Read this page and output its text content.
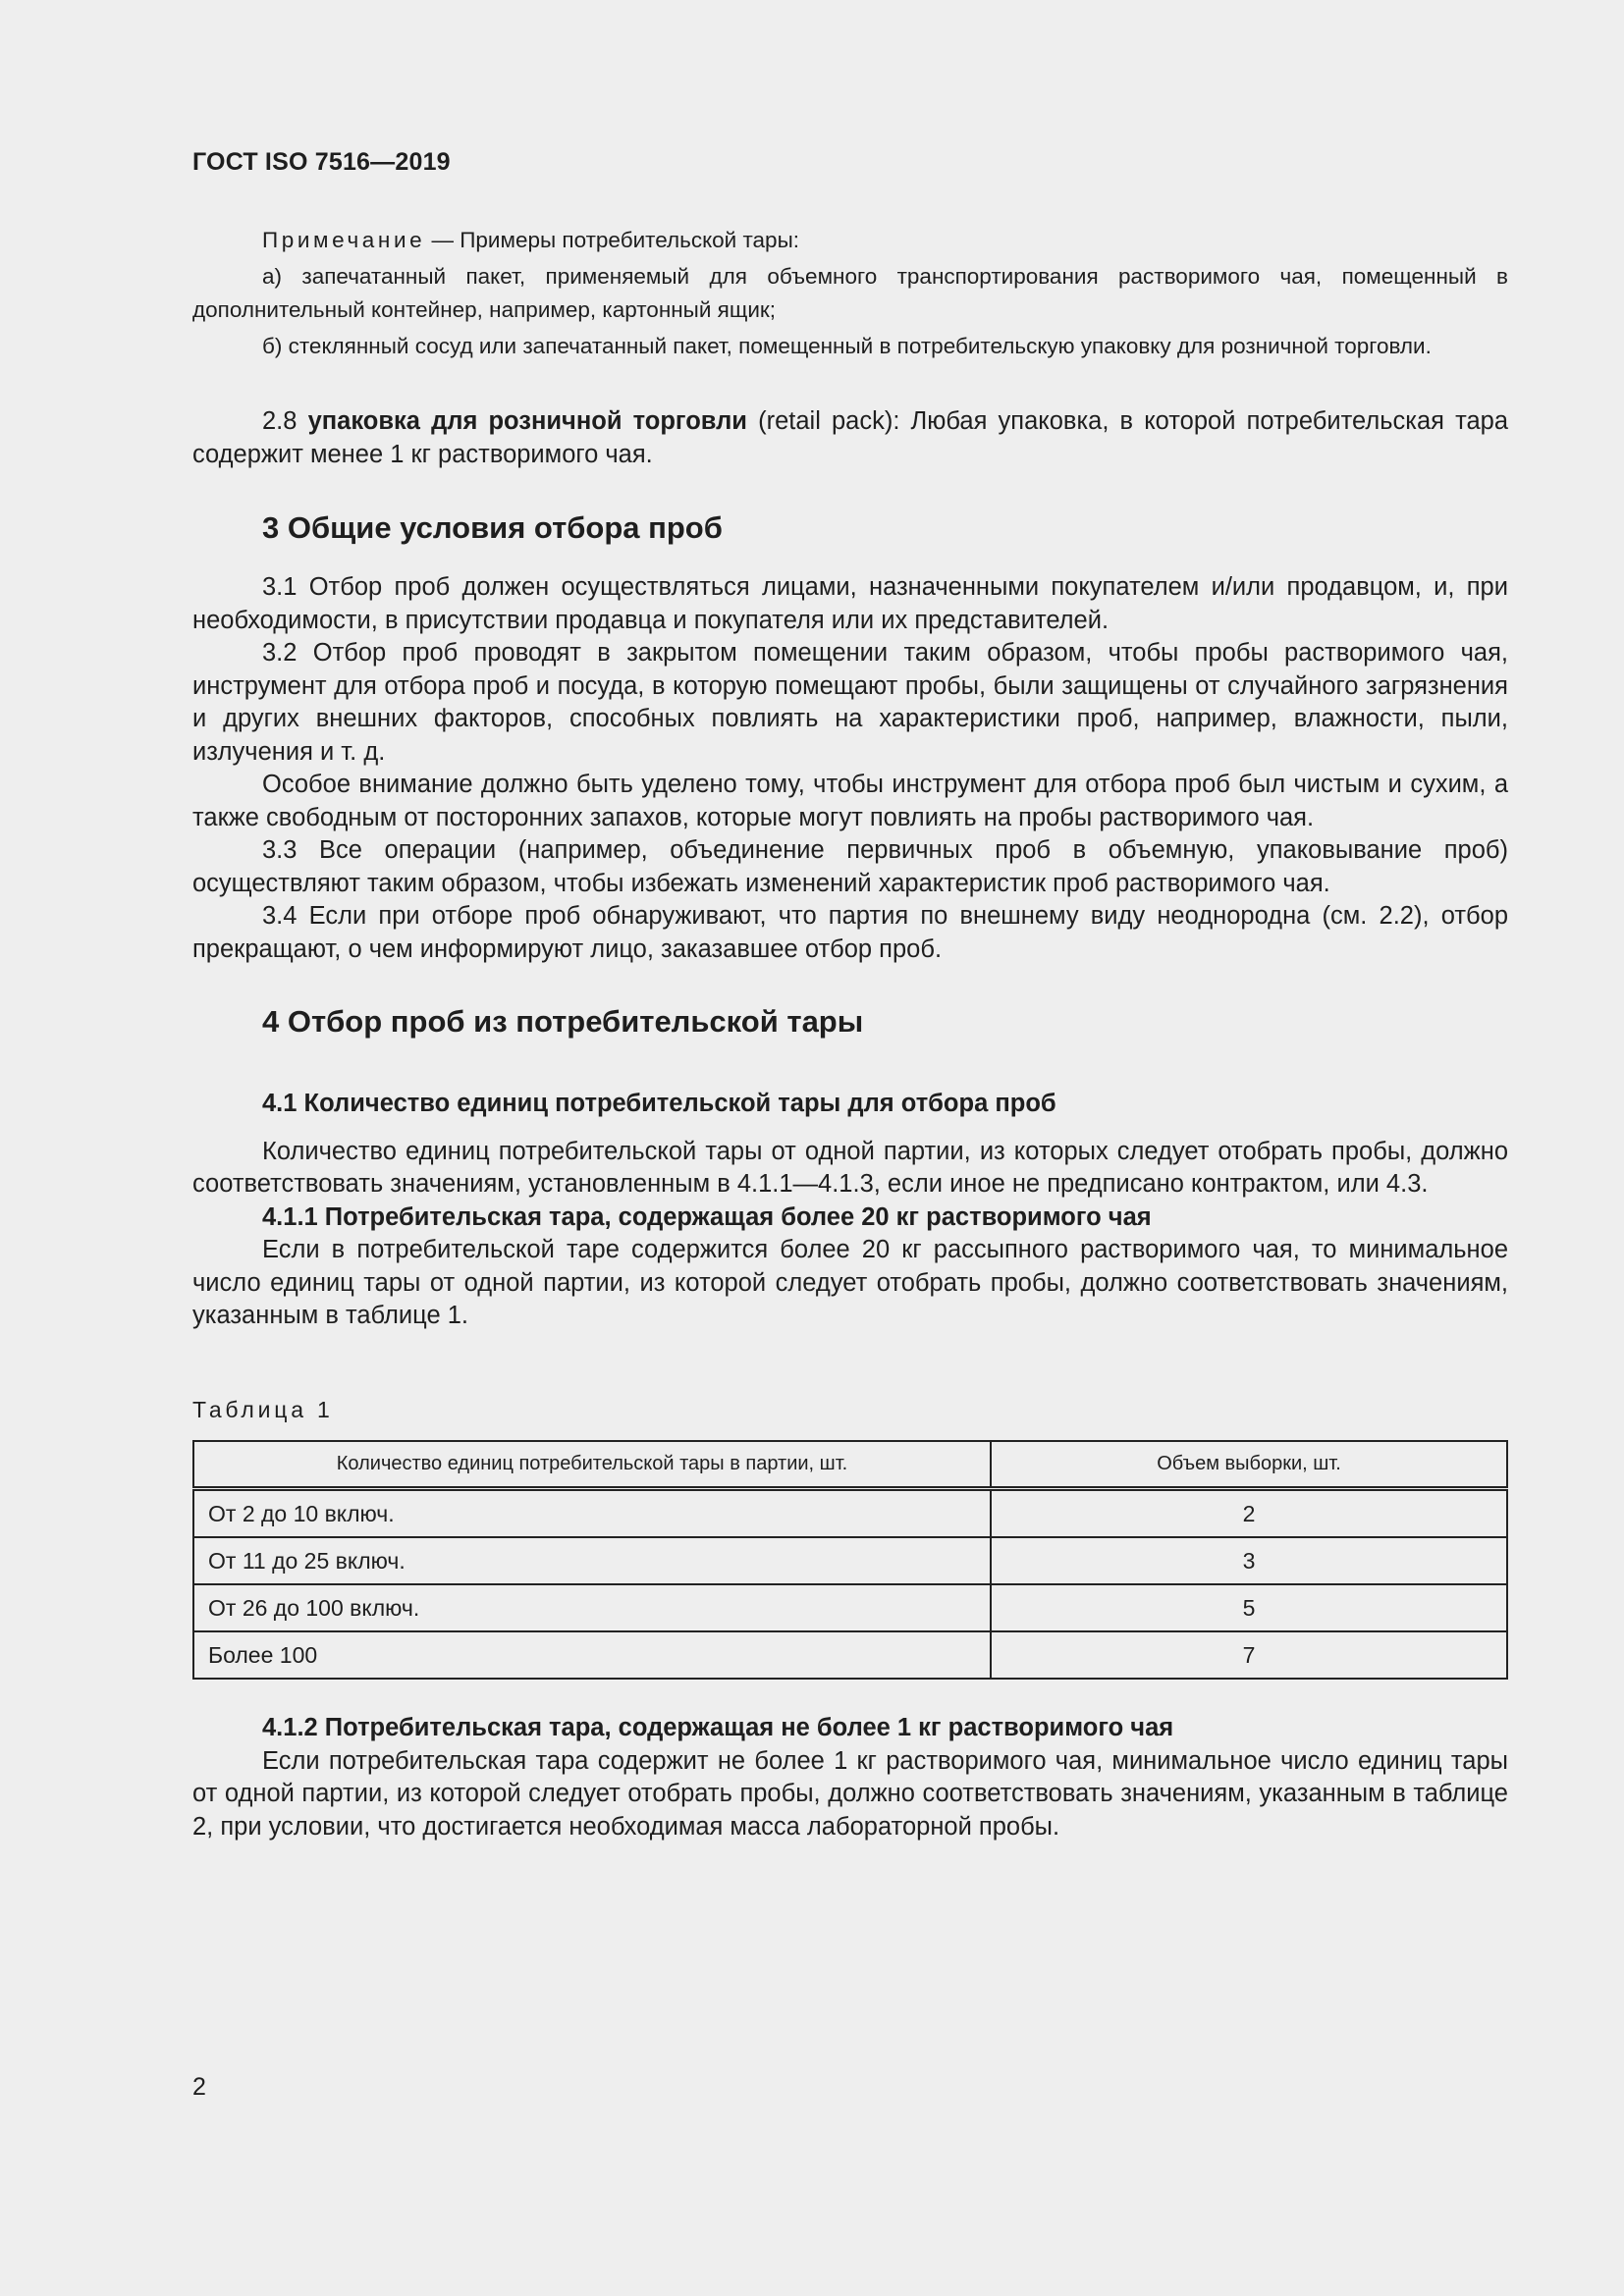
ГОСТ ISO 7516—2019

Примечание — Примеры потребительской тары:

а) запечатанный пакет, применяемый для объемного транспортирования растворимого чая, помещенный в дополнительный контейнер, например, картонный ящик;

б) стеклянный сосуд или запечатанный пакет, помещенный в потребительскую упаковку для розничной торговли.

2.8 упаковка для розничной торговли (retail pack): Любая упаковка, в которой потребительская тара содержит менее 1 кг растворимого чая.

3 Общие условия отбора проб

3.1 Отбор проб должен осуществляться лицами, назначенными покупателем и/или продавцом, и, при необходимости, в присутствии продавца и покупателя или их представителей.

3.2 Отбор проб проводят в закрытом помещении таким образом, чтобы пробы растворимого чая, инструмент для отбора проб и посуда, в которую помещают пробы, были защищены от случайного загрязнения и других внешних факторов, способных повлиять на характеристики проб, например, влажности, пыли, излучения и т. д.

Особое внимание должно быть уделено тому, чтобы инструмент для отбора проб был чистым и сухим, а также свободным от посторонних запахов, которые могут повлиять на пробы растворимого чая.

3.3 Все операции (например, объединение первичных проб в объемную, упаковывание проб) осуществляют таким образом, чтобы избежать изменений характеристик проб растворимого чая.

3.4 Если при отборе проб обнаруживают, что партия по внешнему виду неоднородна (см. 2.2), отбор прекращают, о чем информируют лицо, заказавшее отбор проб.

4 Отбор проб из потребительской тары

4.1 Количество единиц потребительской тары для отбора проб

Количество единиц потребительской тары от одной партии, из которых следует отобрать пробы, должно соответствовать значениям, установленным в 4.1.1—4.1.3, если иное не предписано контрактом, или 4.3.

4.1.1 Потребительская тара, содержащая более 20 кг растворимого чая

Если в потребительской таре содержится более 20 кг рассыпного растворимого чая, то минимальное число единиц тары от одной партии, из которой следует отобрать пробы, должно соответствовать значениям, указанным в таблице 1.

Таблица 1
Количество единиц потребительской тары в партии, шт.	Объем выборки, шт.
От 2 до 10 включ.	2
От 11 до 25 включ.	3
От 26 до 100 включ.	5
Более 100	7

4.1.2 Потребительская тара, содержащая не более 1 кг растворимого чая

Если потребительская тара содержит не более 1 кг растворимого чая, минимальное число единиц тары от одной партии, из которой следует отобрать пробы, должно соответствовать значениям, указанным в таблице 2, при условии, что достигается необходимая масса лабораторной пробы.

2
